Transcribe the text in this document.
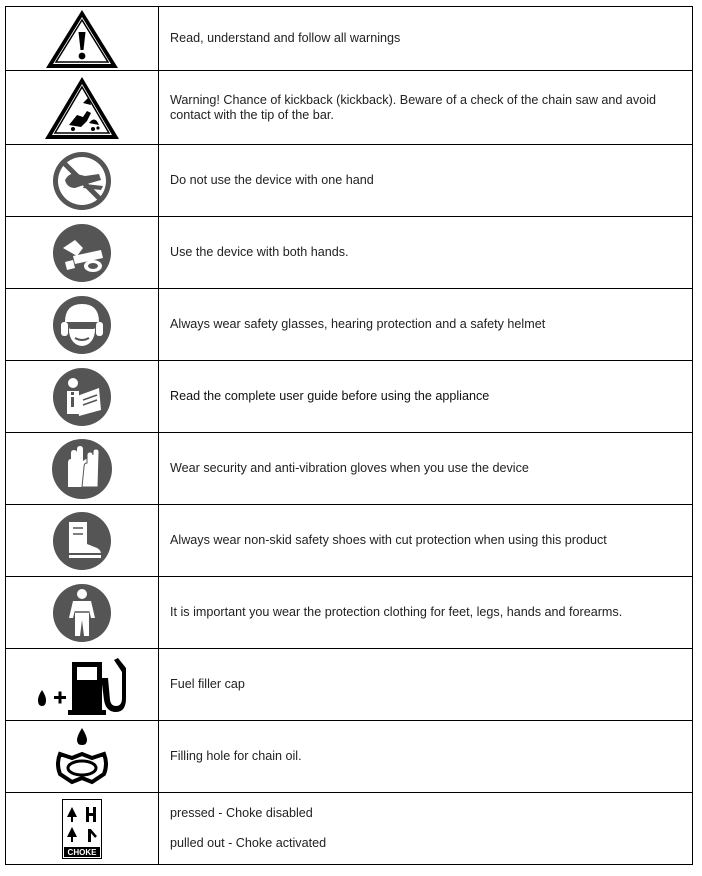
	Read, understand and follow all warnings

	Warning! Chance of kickback (kickback). Beware of a check of the chain saw and avoid contact with the tip of the bar.

	Do not use the device with one hand

	Use the device with both hands.

	Always wear safety glasses, hearing protection and a safety helmet

	Read the complete user guide before using the appliance

	Wear security and anti-vibration gloves when you use the device

	Always wear non-skid safety shoes with cut protection when using this product

	It is important you wear the protection clothing for feet, legs, hands and forearms.

	Fuel filler cap

	Filling hole for chain oil.

CHOKE	pressed - Choke disabled
pulled out - Choke activated
